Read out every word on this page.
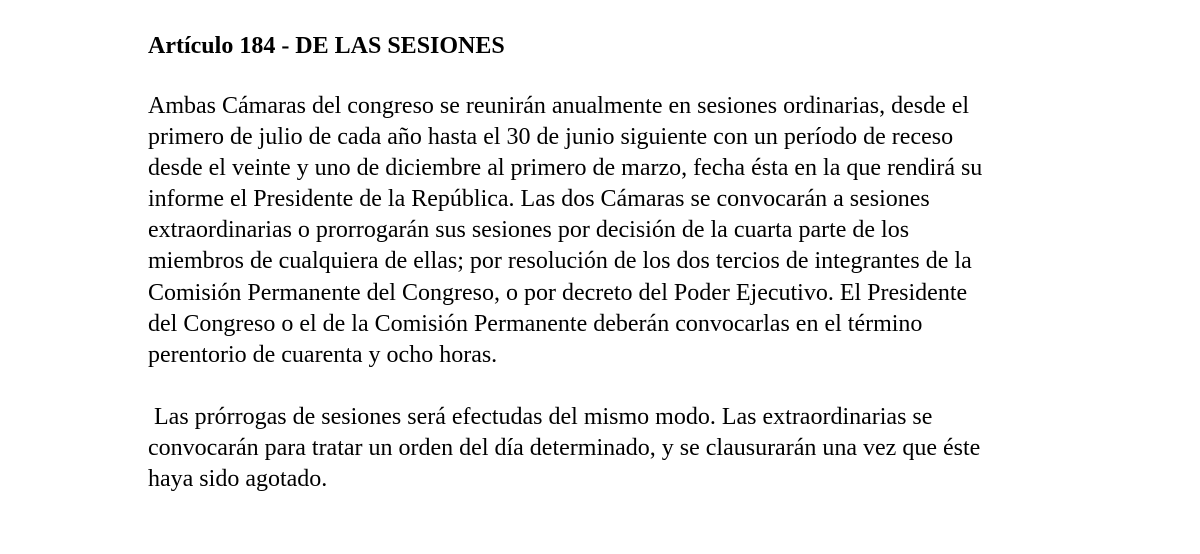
Artículo 184 - DE LAS SESIONES

Ambas Cámaras del congreso se reunirán anualmente en sesiones ordinarias, desde el
primero de julio de cada año hasta el 30 de junio siguiente con un período de receso
desde el veinte y uno de diciembre al primero de marzo, fecha ésta en la que rendirá su
informe el Presidente de la República. Las dos Cámaras se convocarán a sesiones
extraordinarias o prorrogarán sus sesiones por decisión de la cuarta parte de los
miembros de cualquiera de ellas; por resolución de los dos tercios de integrantes de la
Comisión Permanente del Congreso, o por decreto del Poder Ejecutivo. El Presidente
del Congreso o el de la Comisión Permanente deberán convocarlas en el término
perentorio de cuarenta y ocho horas.

Las prórrogas de sesiones será efectudas del mismo modo. Las extraordinarias se
convocarán para tratar un orden del día determinado, y se clausurarán una vez que éste
haya sido agotado.
